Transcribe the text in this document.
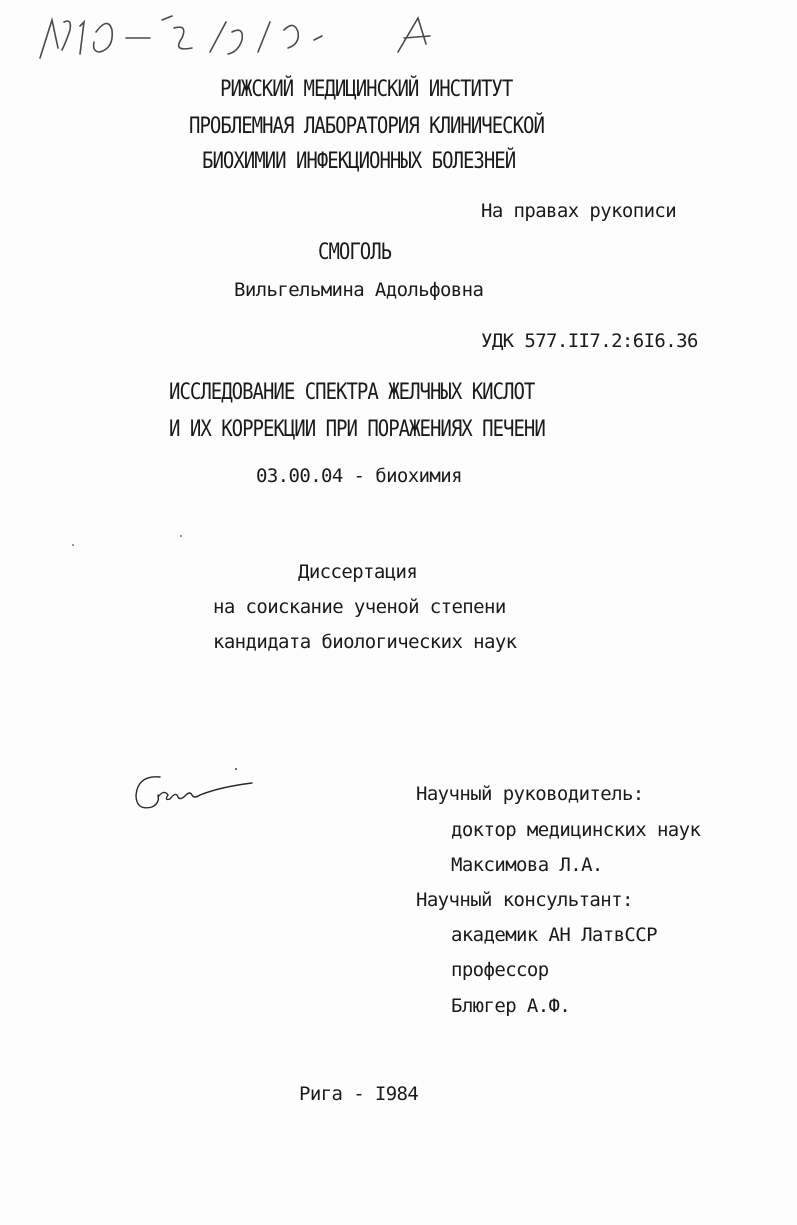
РИЖСКИЙ МЕДИЦИНСКИЙ ИНСТИТУТ
ПРОБЛЕМНАЯ ЛАБОРАТОРИЯ КЛИНИЧЕСКОЙ
БИОХИМИИ ИНФЕКЦИОННЫХ БОЛЕЗНЕЙ
На правах рукописи
СМОГОЛЬ
Вильгельмина Адольфовна
УДК 577.II7.2:6I6.36
ИССЛЕДОВАНИЕ СПЕКТРА ЖЕЛЧНЫХ КИСЛОТ
И ИХ КОРРЕКЦИИ ПРИ ПОРАЖЕНИЯХ ПЕЧЕНИ
03.00.04 - биохимия
Диссертация
на соискание ученой степени
кандидата биологических наук
Научный руководитель:
доктор медицинских наук
Максимова Л.А.
Научный консультант:
академик АН ЛатвССР
профессор
Блюгер А.Ф.
Рига - I984
